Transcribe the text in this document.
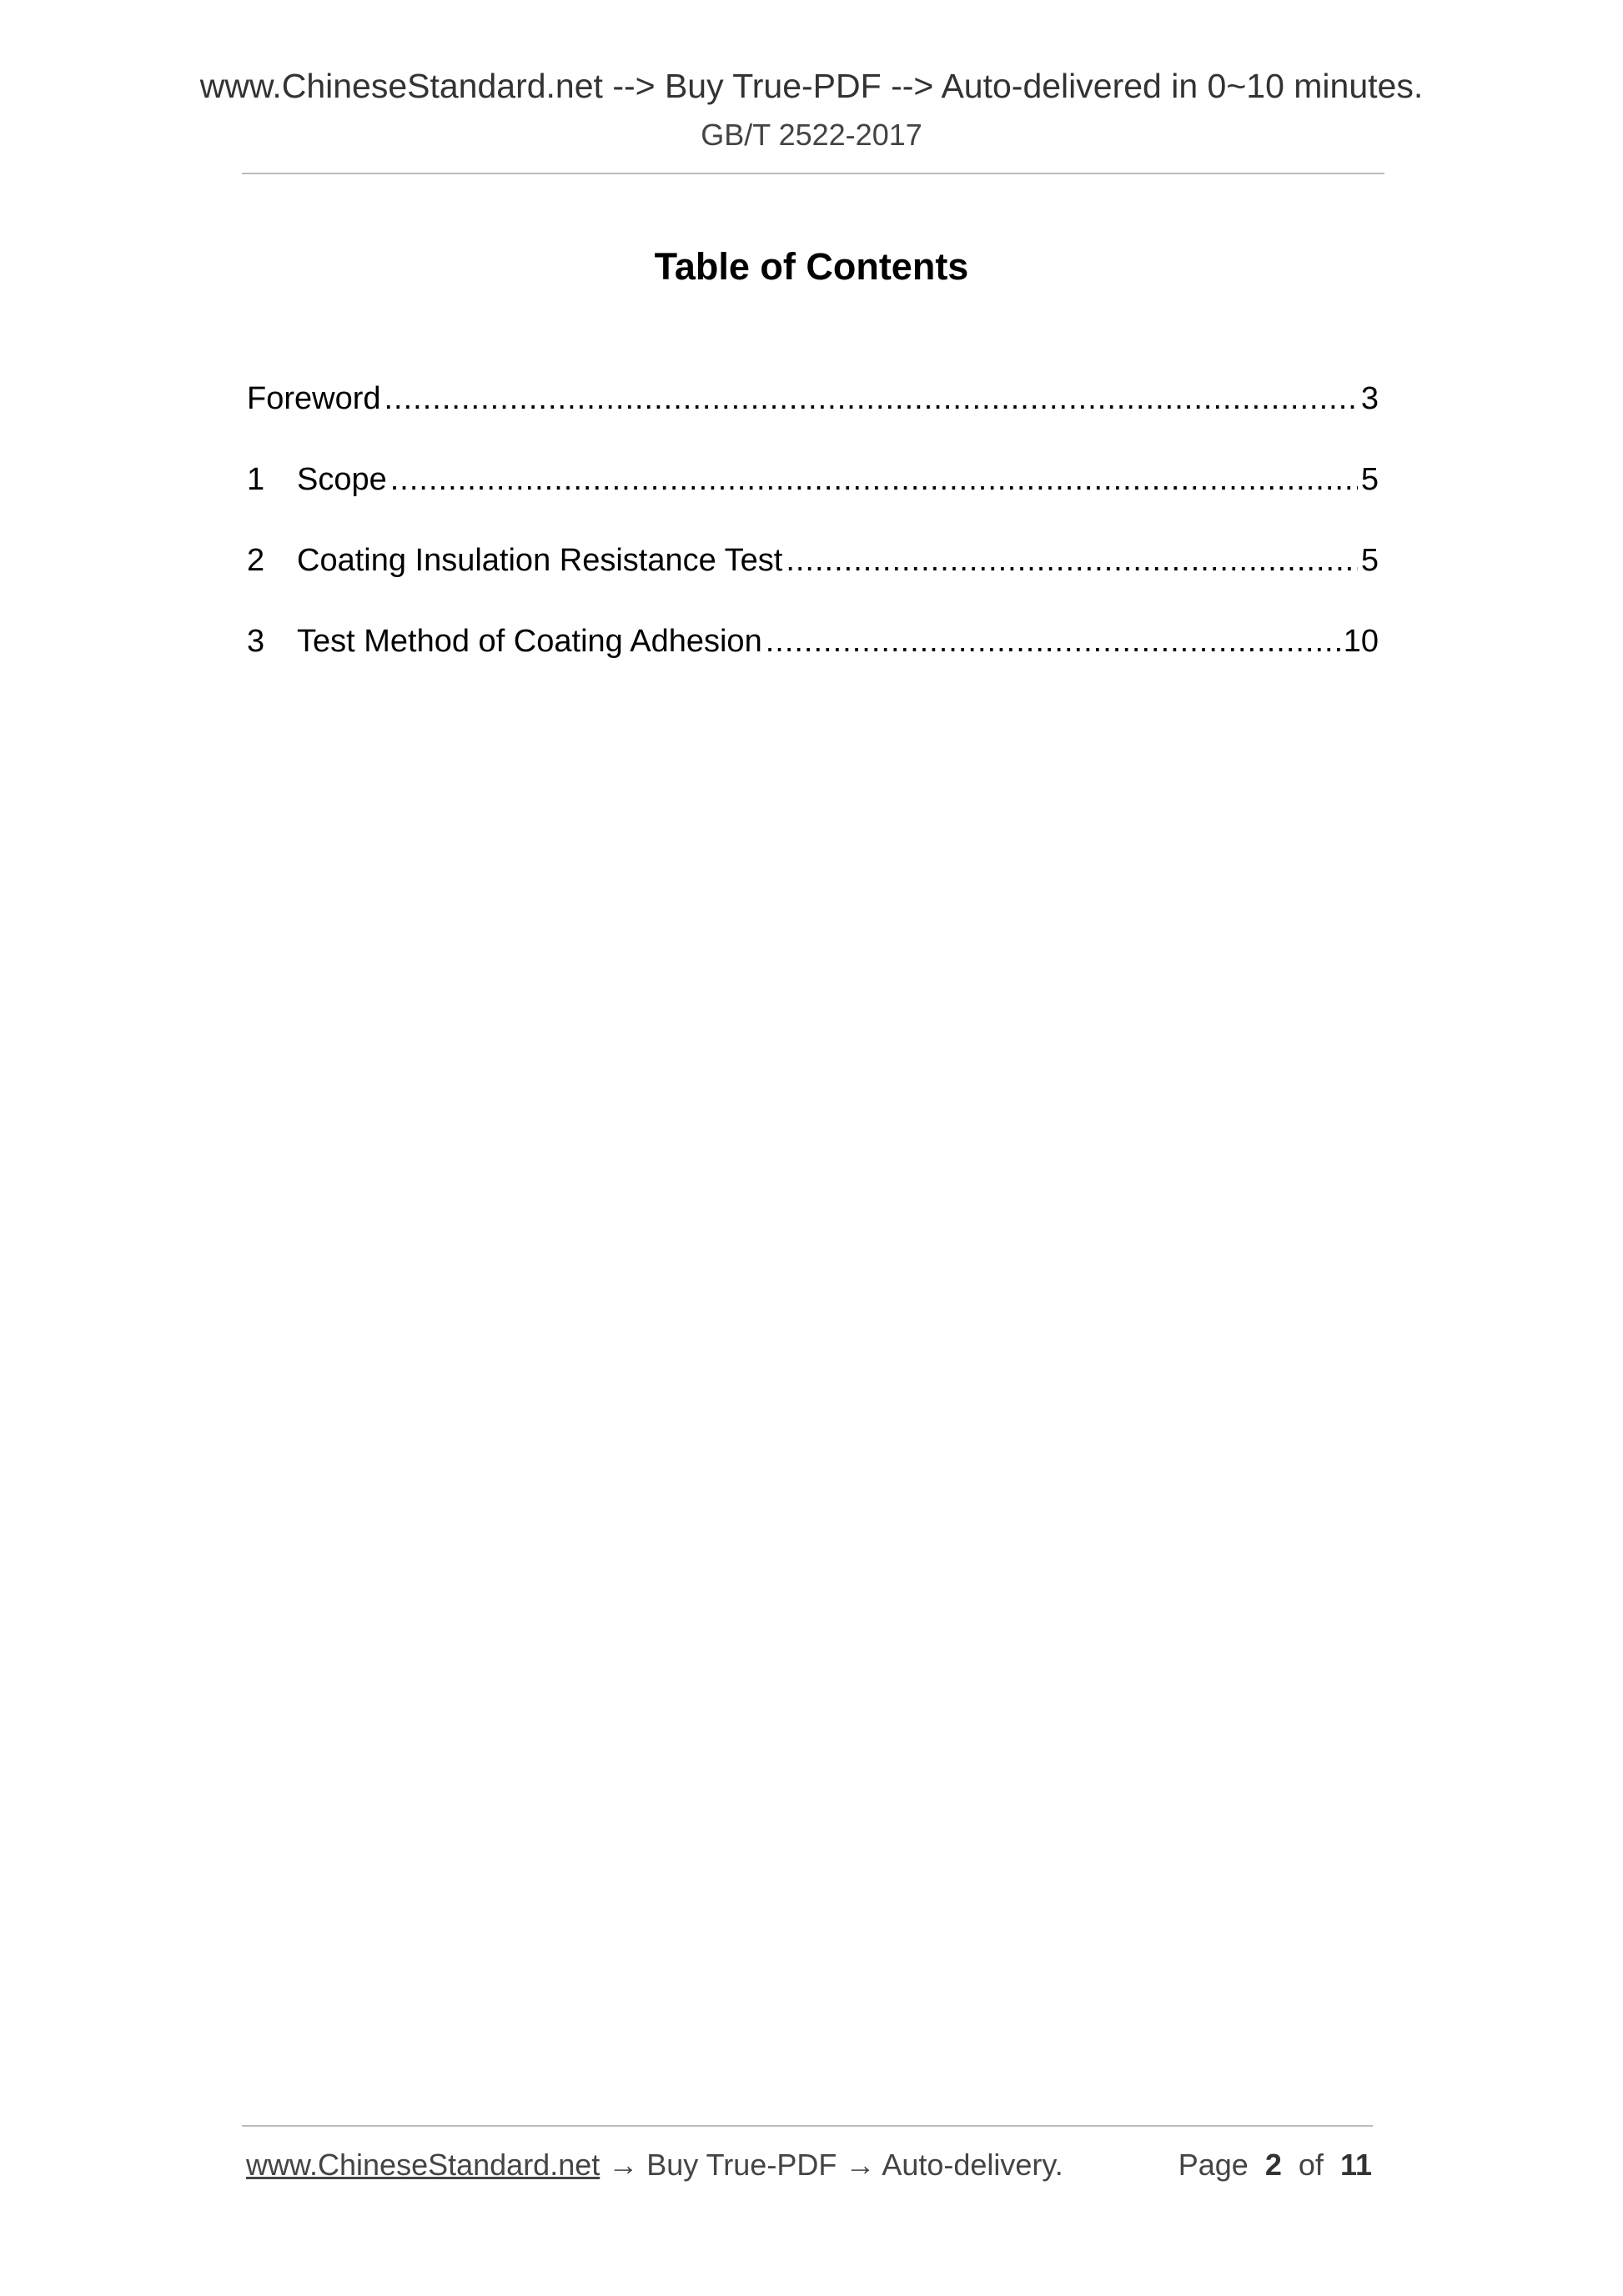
www.ChineseStandard.net --> Buy True-PDF --> Auto-delivered in 0~10 minutes.
GB/T 2522-2017
Table of Contents
Foreword .....	3
1	Scope .....	5
2	Coating Insulation Resistance Test .....	5
3	Test Method of Coating Adhesion .....	10
www.ChineseStandard.net → Buy True-PDF → Auto-delivery.	Page 2 of 11
